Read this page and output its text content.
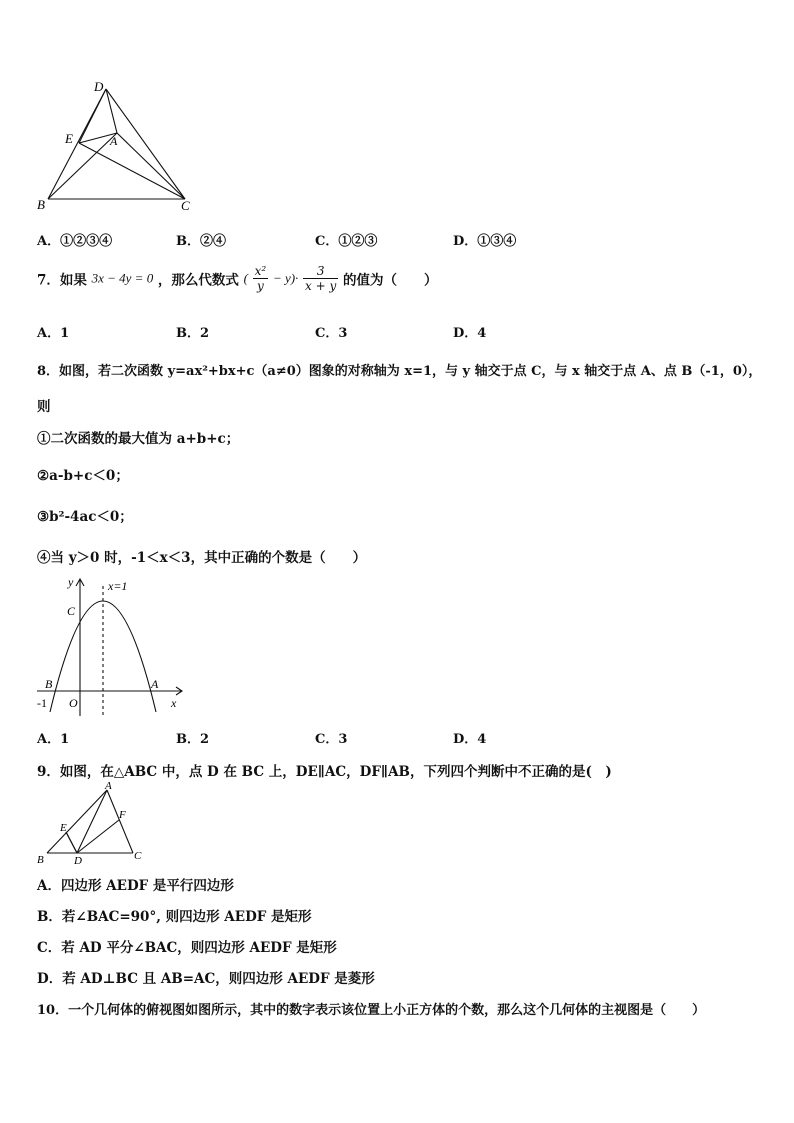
D
E	A
B	C
A．①②③④	B．②④	C．①②③	D．①③④
7．如果 3x − 4y = 0 ，那么代数式 ( $\frac{\text{x²}}{y} - y)\cdot \frac{3}{x + y}$ 的值为（　　）
A．1	B．2	C．3	D．4
8．如图，若二次函数 y=ax²+bx+c（a≠0）图象的对称轴为 x=1，与 y 轴交于点 C，与 x 轴交于点 A、点 B（-1，0），
则
①二次函数的最大值为 a+b+c；
②a-b+c＜0；
③b²-4ac＜0；
④当 y＞0 时，-1＜x＜3，其中正确的个数是（　　）
y	x=1
C
B	A
-1 O	x
A．1	B．2	C．3	D．4
9．如图，在△ABC 中，点 D 在 BC 上，DE∥AC，DF∥AB，下列四个判断中不正确的是(　)
A
E
F
B	D	C
A．四边形 AEDF 是平行四边形
B．若∠BAC=90°, 则四边形 AEDF 是矩形
C．若 AD 平分∠BAC，则四边形 AEDF 是矩形
D．若 AD⊥BC 且 AB=AC，则四边形 AEDF 是菱形
10．一个几何体的俯视图如图所示，其中的数字表示该位置上小正方体的个数，那么这个几何体的主视图是（　　）
